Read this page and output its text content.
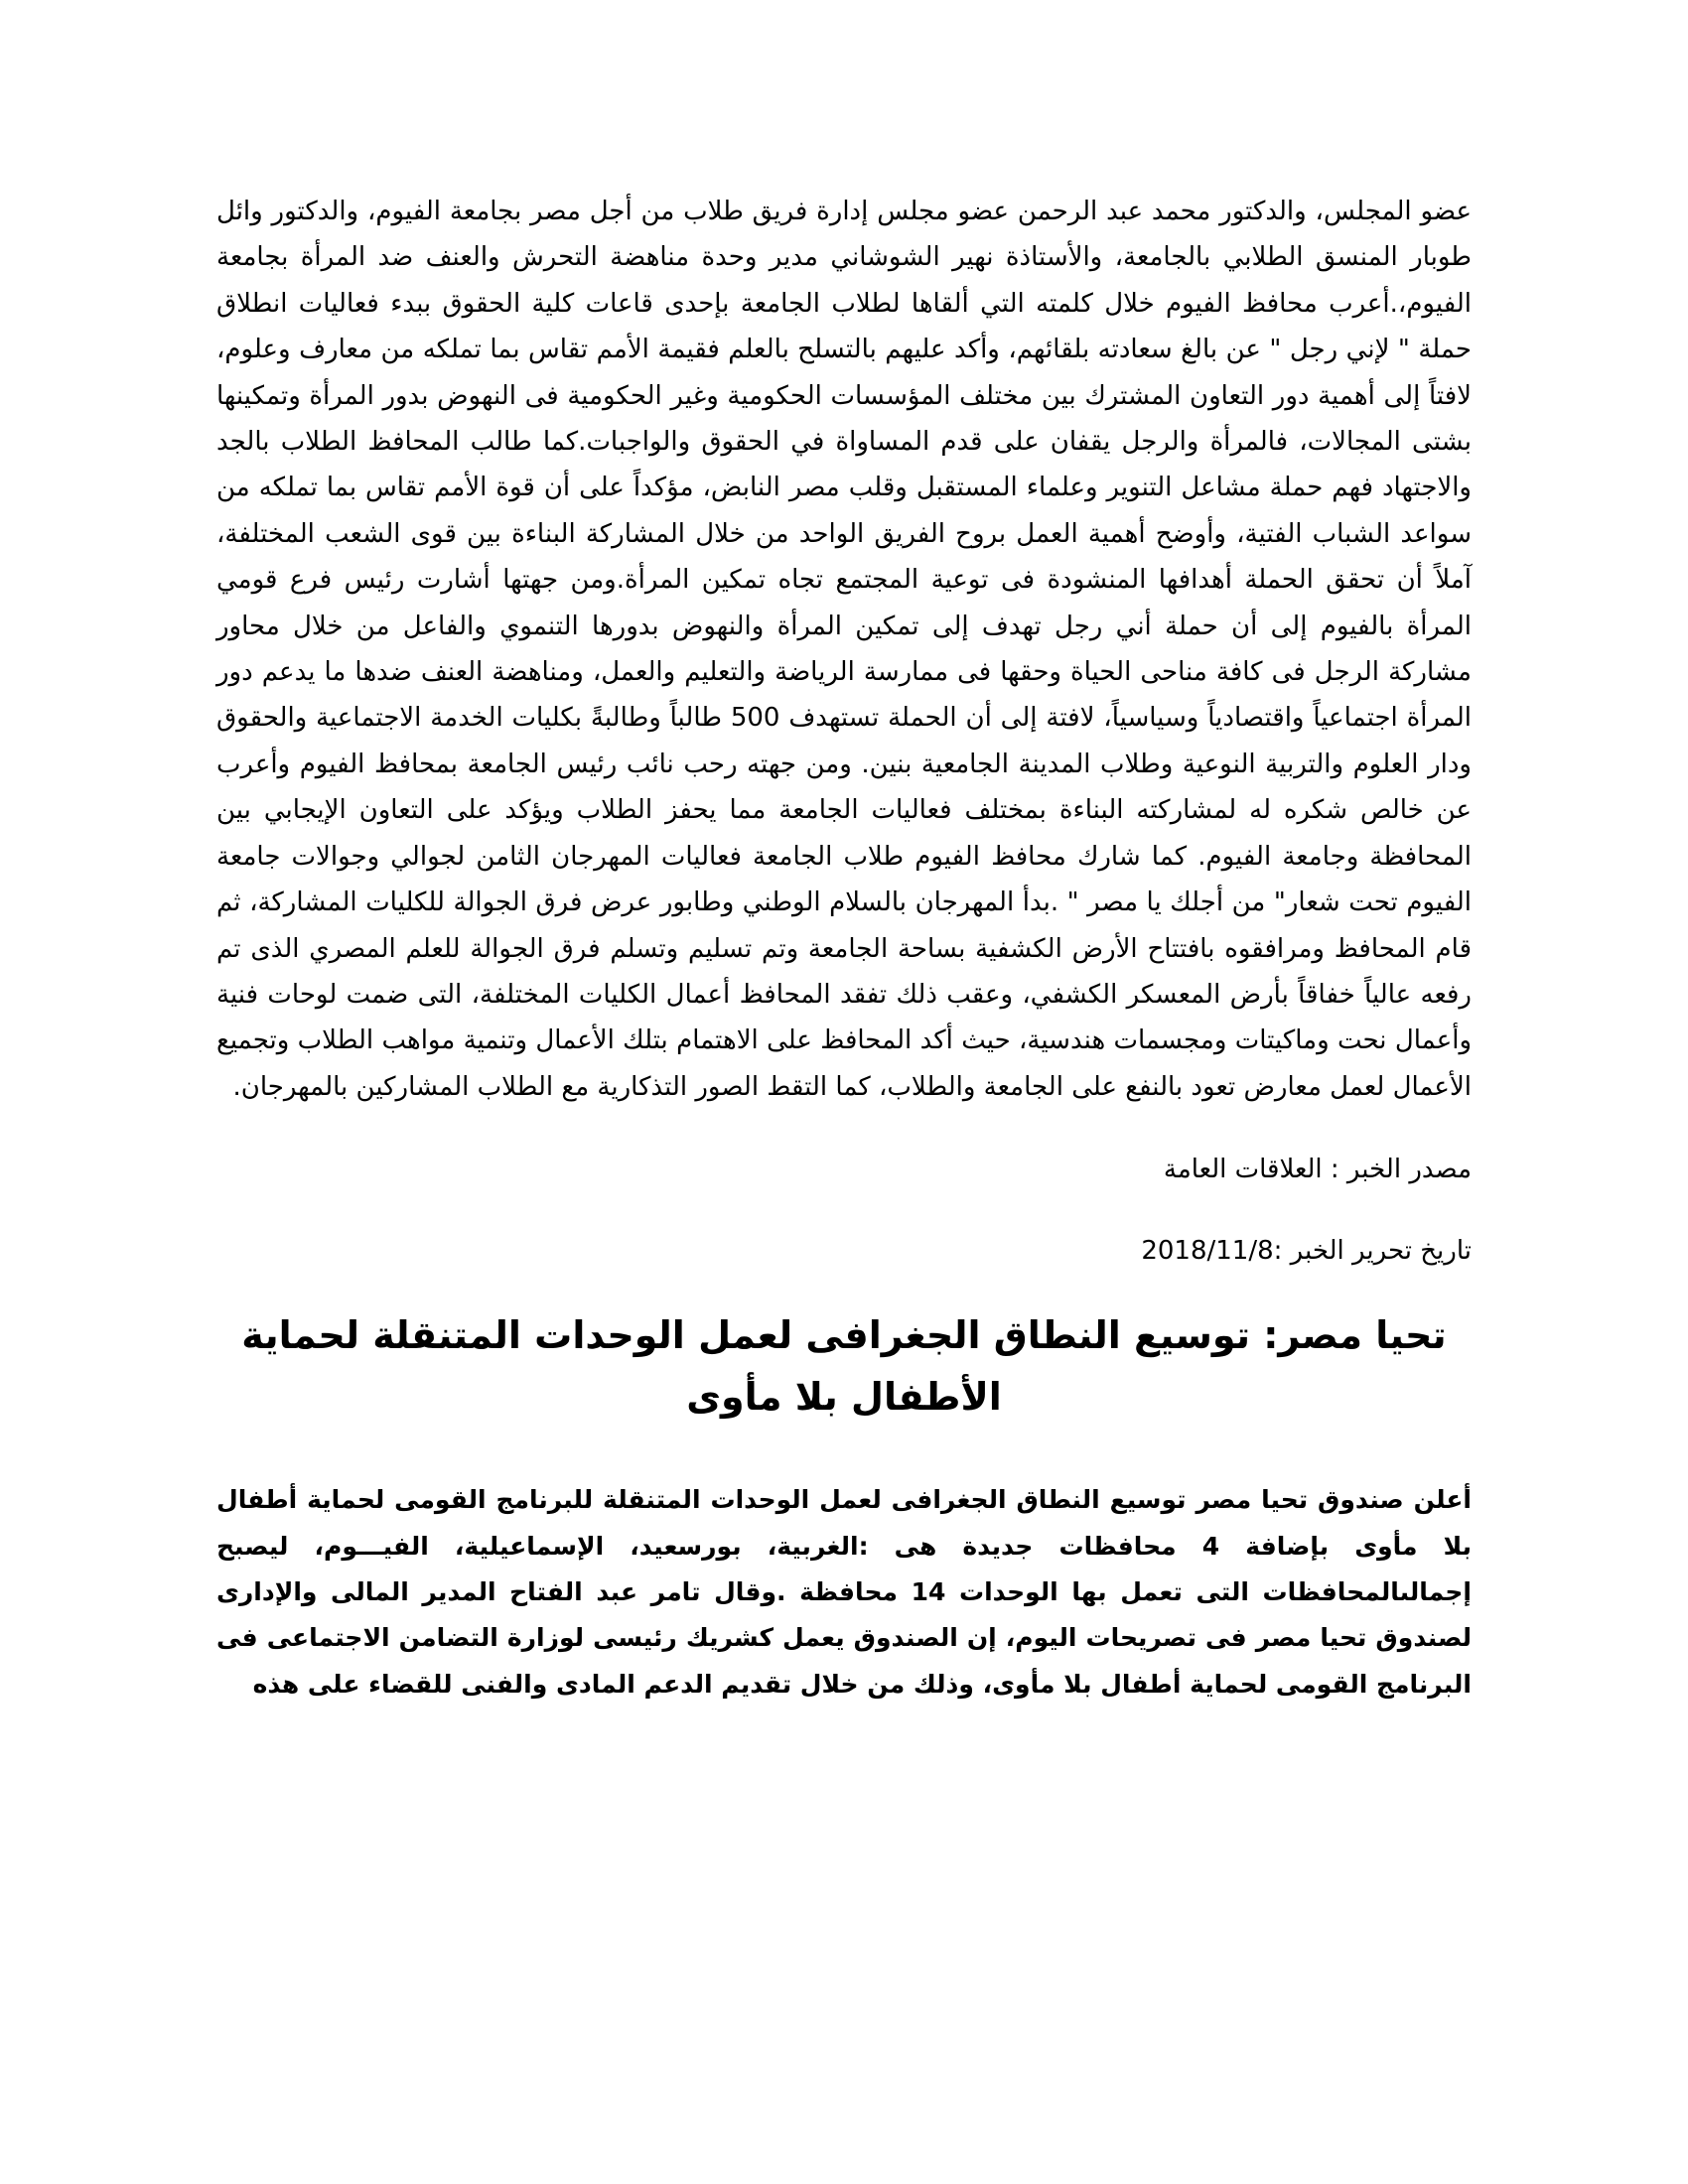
عضو المجلس، والدكتور محمد عبد الرحمن عضو مجلس إدارة فريق طلاب من أجل مصر بجامعة الفيوم، والدكتور وائل طوبار المنسق الطلابي بالجامعة، والأستاذة نهير الشوشاني مدير وحدة مناهضة التحرش والعنف ضد المرأة بجامعة الفيوم،.أعرب محافظ الفيوم خلال كلمته التي ألقاها لطلاب الجامعة بإحدى قاعات كلية الحقوق ببدء فعاليات انطلاق حملة " لإني رجل " عن بالغ سعادته بلقائهم، وأكد عليهم بالتسلح بالعلم فقيمة الأمم تقاس بما تملكه من معارف وعلوم، لافتاً إلى أهمية دور التعاون المشترك بين مختلف المؤسسات الحكومية وغير الحكومية فى النهوض بدور المرأة وتمكينها بشتى المجالات، فالمرأة والرجل يقفان على قدم المساواة في الحقوق والواجبات.كما طالب المحافظ الطلاب بالجد والاجتهاد فهم حملة مشاعل التنوير وعلماء المستقبل وقلب مصر النابض، مؤكداً على أن قوة الأمم تقاس بما تملكه من سواعد الشباب الفتية، وأوضح أهمية العمل بروح الفريق الواحد من خلال المشاركة البناءة بين قوى الشعب المختلفة، آملاً أن تحقق الحملة أهدافها المنشودة فى توعية المجتمع تجاه تمكين المرأة.ومن جهتها أشارت رئيس فرع قومي المرأة بالفيوم إلى أن حملة أني رجل تهدف إلى تمكين المرأة والنهوض بدورها التنموي والفاعل من خلال محاور مشاركة الرجل فى كافة مناحى الحياة وحقها فى ممارسة الرياضة والتعليم والعمل، ومناهضة العنف ضدها ما يدعم دور المرأة اجتماعياً واقتصادياً وسياسياً، لافتة إلى أن الحملة تستهدف 500 طالباً وطالبةً بكليات الخدمة الاجتماعية والحقوق ودار العلوم والتربية النوعية وطلاب المدينة الجامعية بنين. ومن جهته رحب نائب رئيس الجامعة بمحافظ الفيوم وأعرب عن خالص شكره له لمشاركته البناءة بمختلف فعاليات الجامعة مما يحفز الطلاب ويؤكد على التعاون الإيجابي بين المحافظة وجامعة الفيوم. كما شارك محافظ الفيوم طلاب الجامعة فعاليات المهرجان الثامن لجوالي وجوالات جامعة الفيوم تحت شعار" من أجلك يا مصر " .بدأ المهرجان بالسلام الوطني وطابور عرض فرق الجوالة للكليات المشاركة، ثم قام المحافظ ومرافقوه بافتتاح الأرض الكشفية بساحة الجامعة وتم تسليم وتسلم فرق الجوالة للعلم المصري الذى تم رفعه عالياً خفاقاً بأرض المعسكر الكشفي، وعقب ذلك تفقد المحافظ أعمال الكليات المختلفة، التى ضمت لوحات فنية وأعمال نحت وماكيتات ومجسمات هندسية، حيث أكد المحافظ على الاهتمام بتلك الأعمال وتنمية مواهب الطلاب وتجميع الأعمال لعمل معارض تعود بالنفع على الجامعة والطلاب، كما التقط الصور التذكارية مع الطلاب المشاركين بالمهرجان.

مصدر الخبر : العلاقات العامة

تاريخ تحرير الخبر :2018/11/8

تحيا مصر: توسيع النطاق الجغرافى لعمل الوحدات المتنقلة لحماية الأطفال بلا مأوى

أعلن صندوق تحيا مصر توسيع النطاق الجغرافى لعمل الوحدات المتنقلة للبرنامج القومى لحماية أطفال بلا مأوى بإضافة 4 محافظات جديدة هى :الغربية، بورسعيد، الإسماعيلية، الفيـــوم، ليصبح إجمالىالمحافظات التى تعمل بها الوحدات 14 محافظة .وقال تامر عبد الفتاح المدير المالى والإدارى لصندوق تحيا مصر فى تصريحات اليوم، إن الصندوق يعمل كشريك رئيسى لوزارة التضامن الاجتماعى فى البرنامج القومى لحماية أطفال بلا مأوى، وذلك من خلال تقديم الدعم المادى والفنى للقضاء على هذه
